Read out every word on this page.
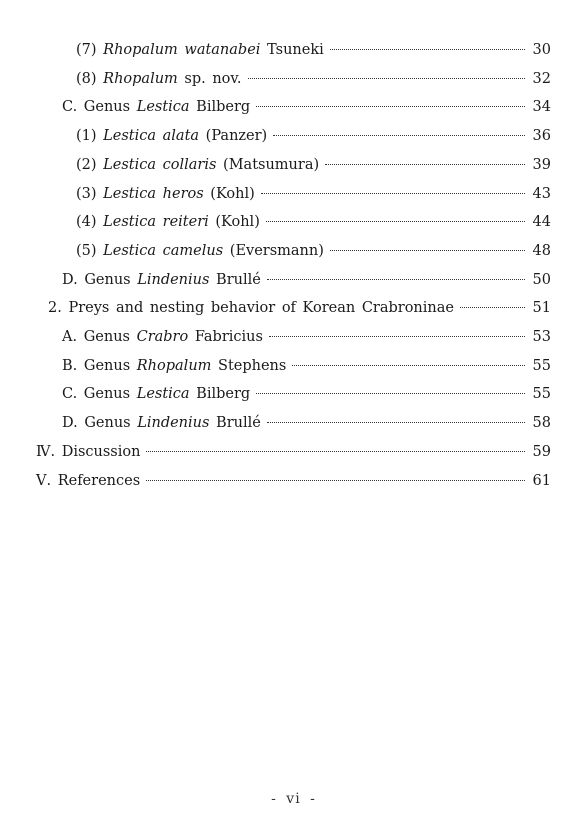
(7) Rhopalum watanabei Tsuneki	30
(8) Rhopalum sp. nov.	32
C. Genus Lestica Bilberg	34
(1) Lestica alata (Panzer)	36
(2) Lestica collaris (Matsumura)	39
(3) Lestica heros (Kohl)	43
(4) Lestica reiteri (Kohl)	44
(5) Lestica camelus (Eversmann)	48
D. Genus Lindenius Brullé	50
2. Preys and nesting behavior of Korean Crabroninae	51
A. Genus Crabro Fabricius	53
B. Genus Rhopalum Stephens	55
C. Genus Lestica Bilberg	55
D. Genus Lindenius Brullé	58
Ⅳ. Discussion	59
Ⅴ. References	61
- vi -
